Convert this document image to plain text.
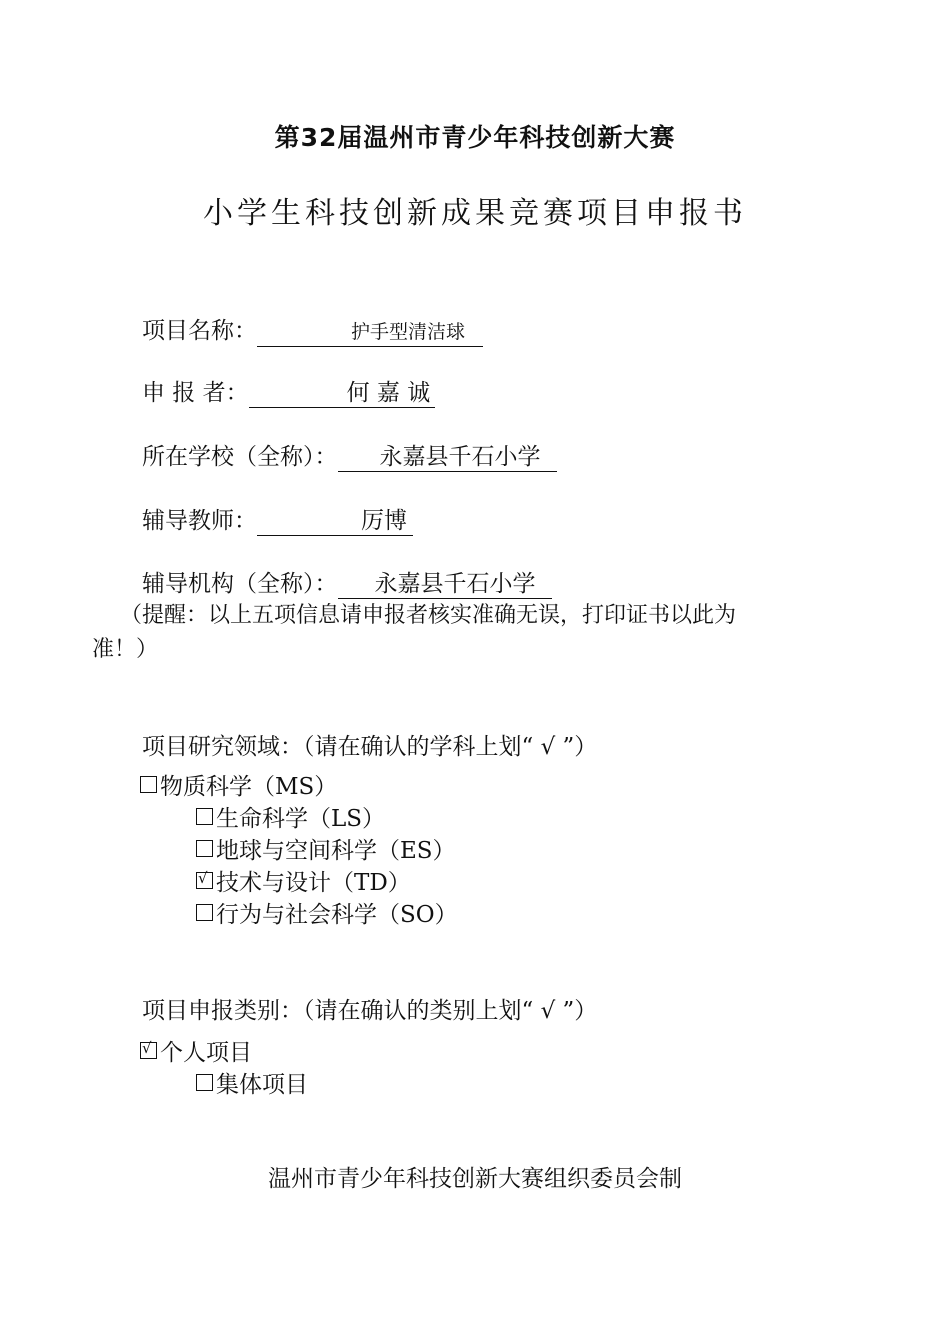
第32届温州市青少年科技创新大赛
小学生科技创新成果竞赛项目申报书
项目名称：	护手型清洁球
申 报 者：	何 嘉 诚
所在学校（全称）： 永嘉县千石小学
辅导教师：	厉博
辅导机构（全称）： 永嘉县千石小学
（提醒：以上五项信息请申报者核实准确无误，打印证书以此为
准！）
项目研究领域：（请在确认的学科上划“ √ ”）
物质科学（MS）
生命科学（LS）
地球与空间科学（ES）
√ 技术与设计（TD）
行为与社会科学（SO）
项目申报类别：（请在确认的类别上划“ √ ”）
√ 个人项目
集体项目
温州市青少年科技创新大赛组织委员会制
